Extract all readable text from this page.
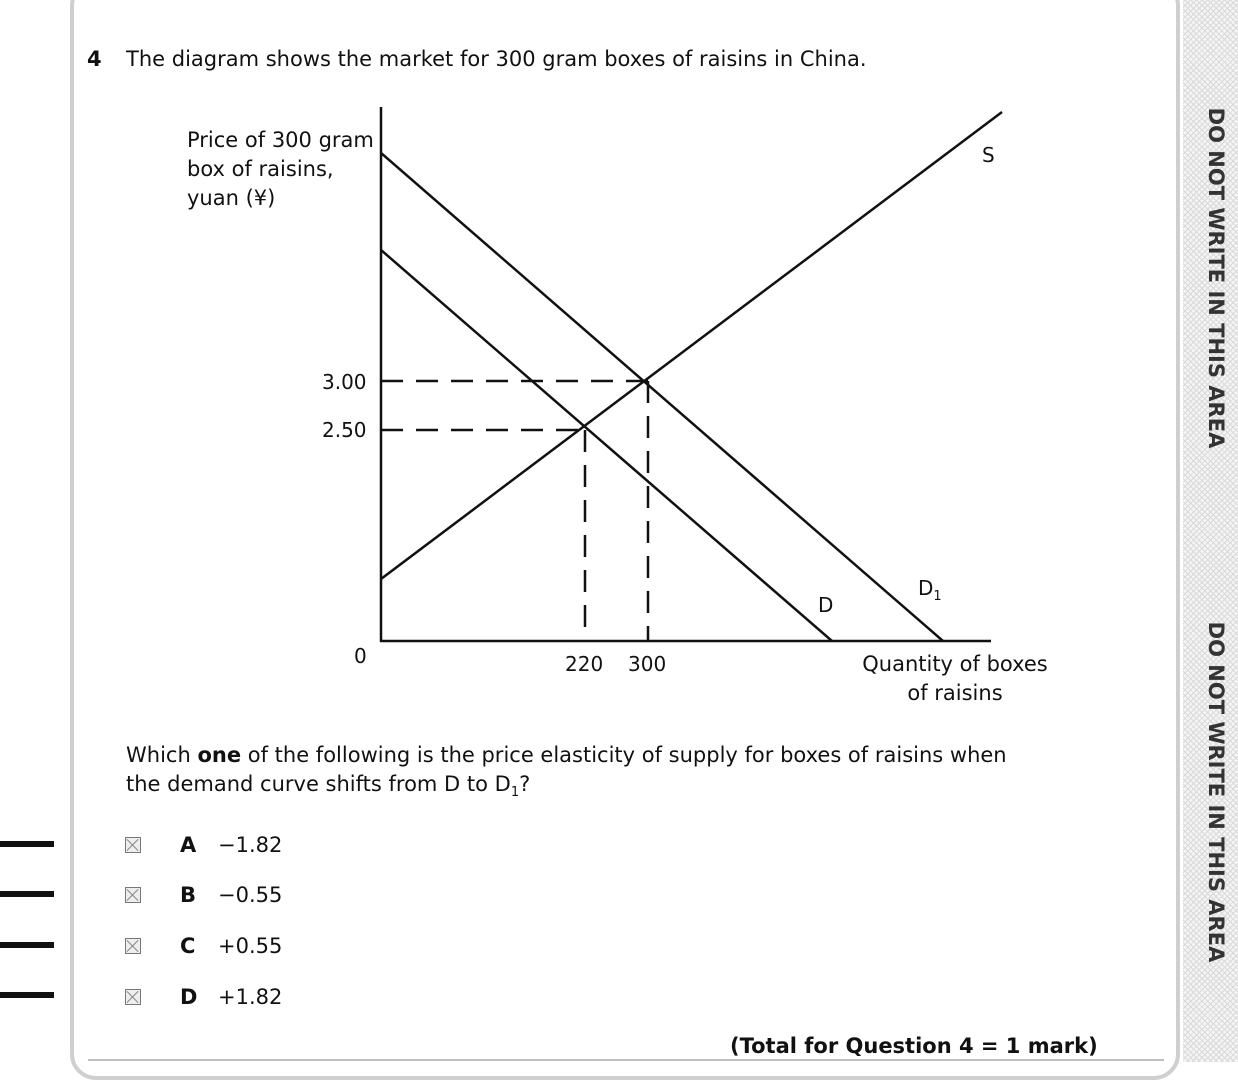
DO NOT WRITE IN THIS AREA
DO NOT WRITE IN THIS AREA
4 The diagram shows the market for 300 gram boxes of raisins in China.
Price of 300 gram
box of raisins,
yuan (¥)
3.00
2.50
0	220 300	Quantity of boxes
of raisins
S
D
$D_1$
Which one of the following is the price elasticity of supply for boxes of raisins when
the demand curve shifts from D to $D_1$?
A −1.82
B −0.55
C +0.55
D +1.82
(Total for Question 4 = 1 mark)
